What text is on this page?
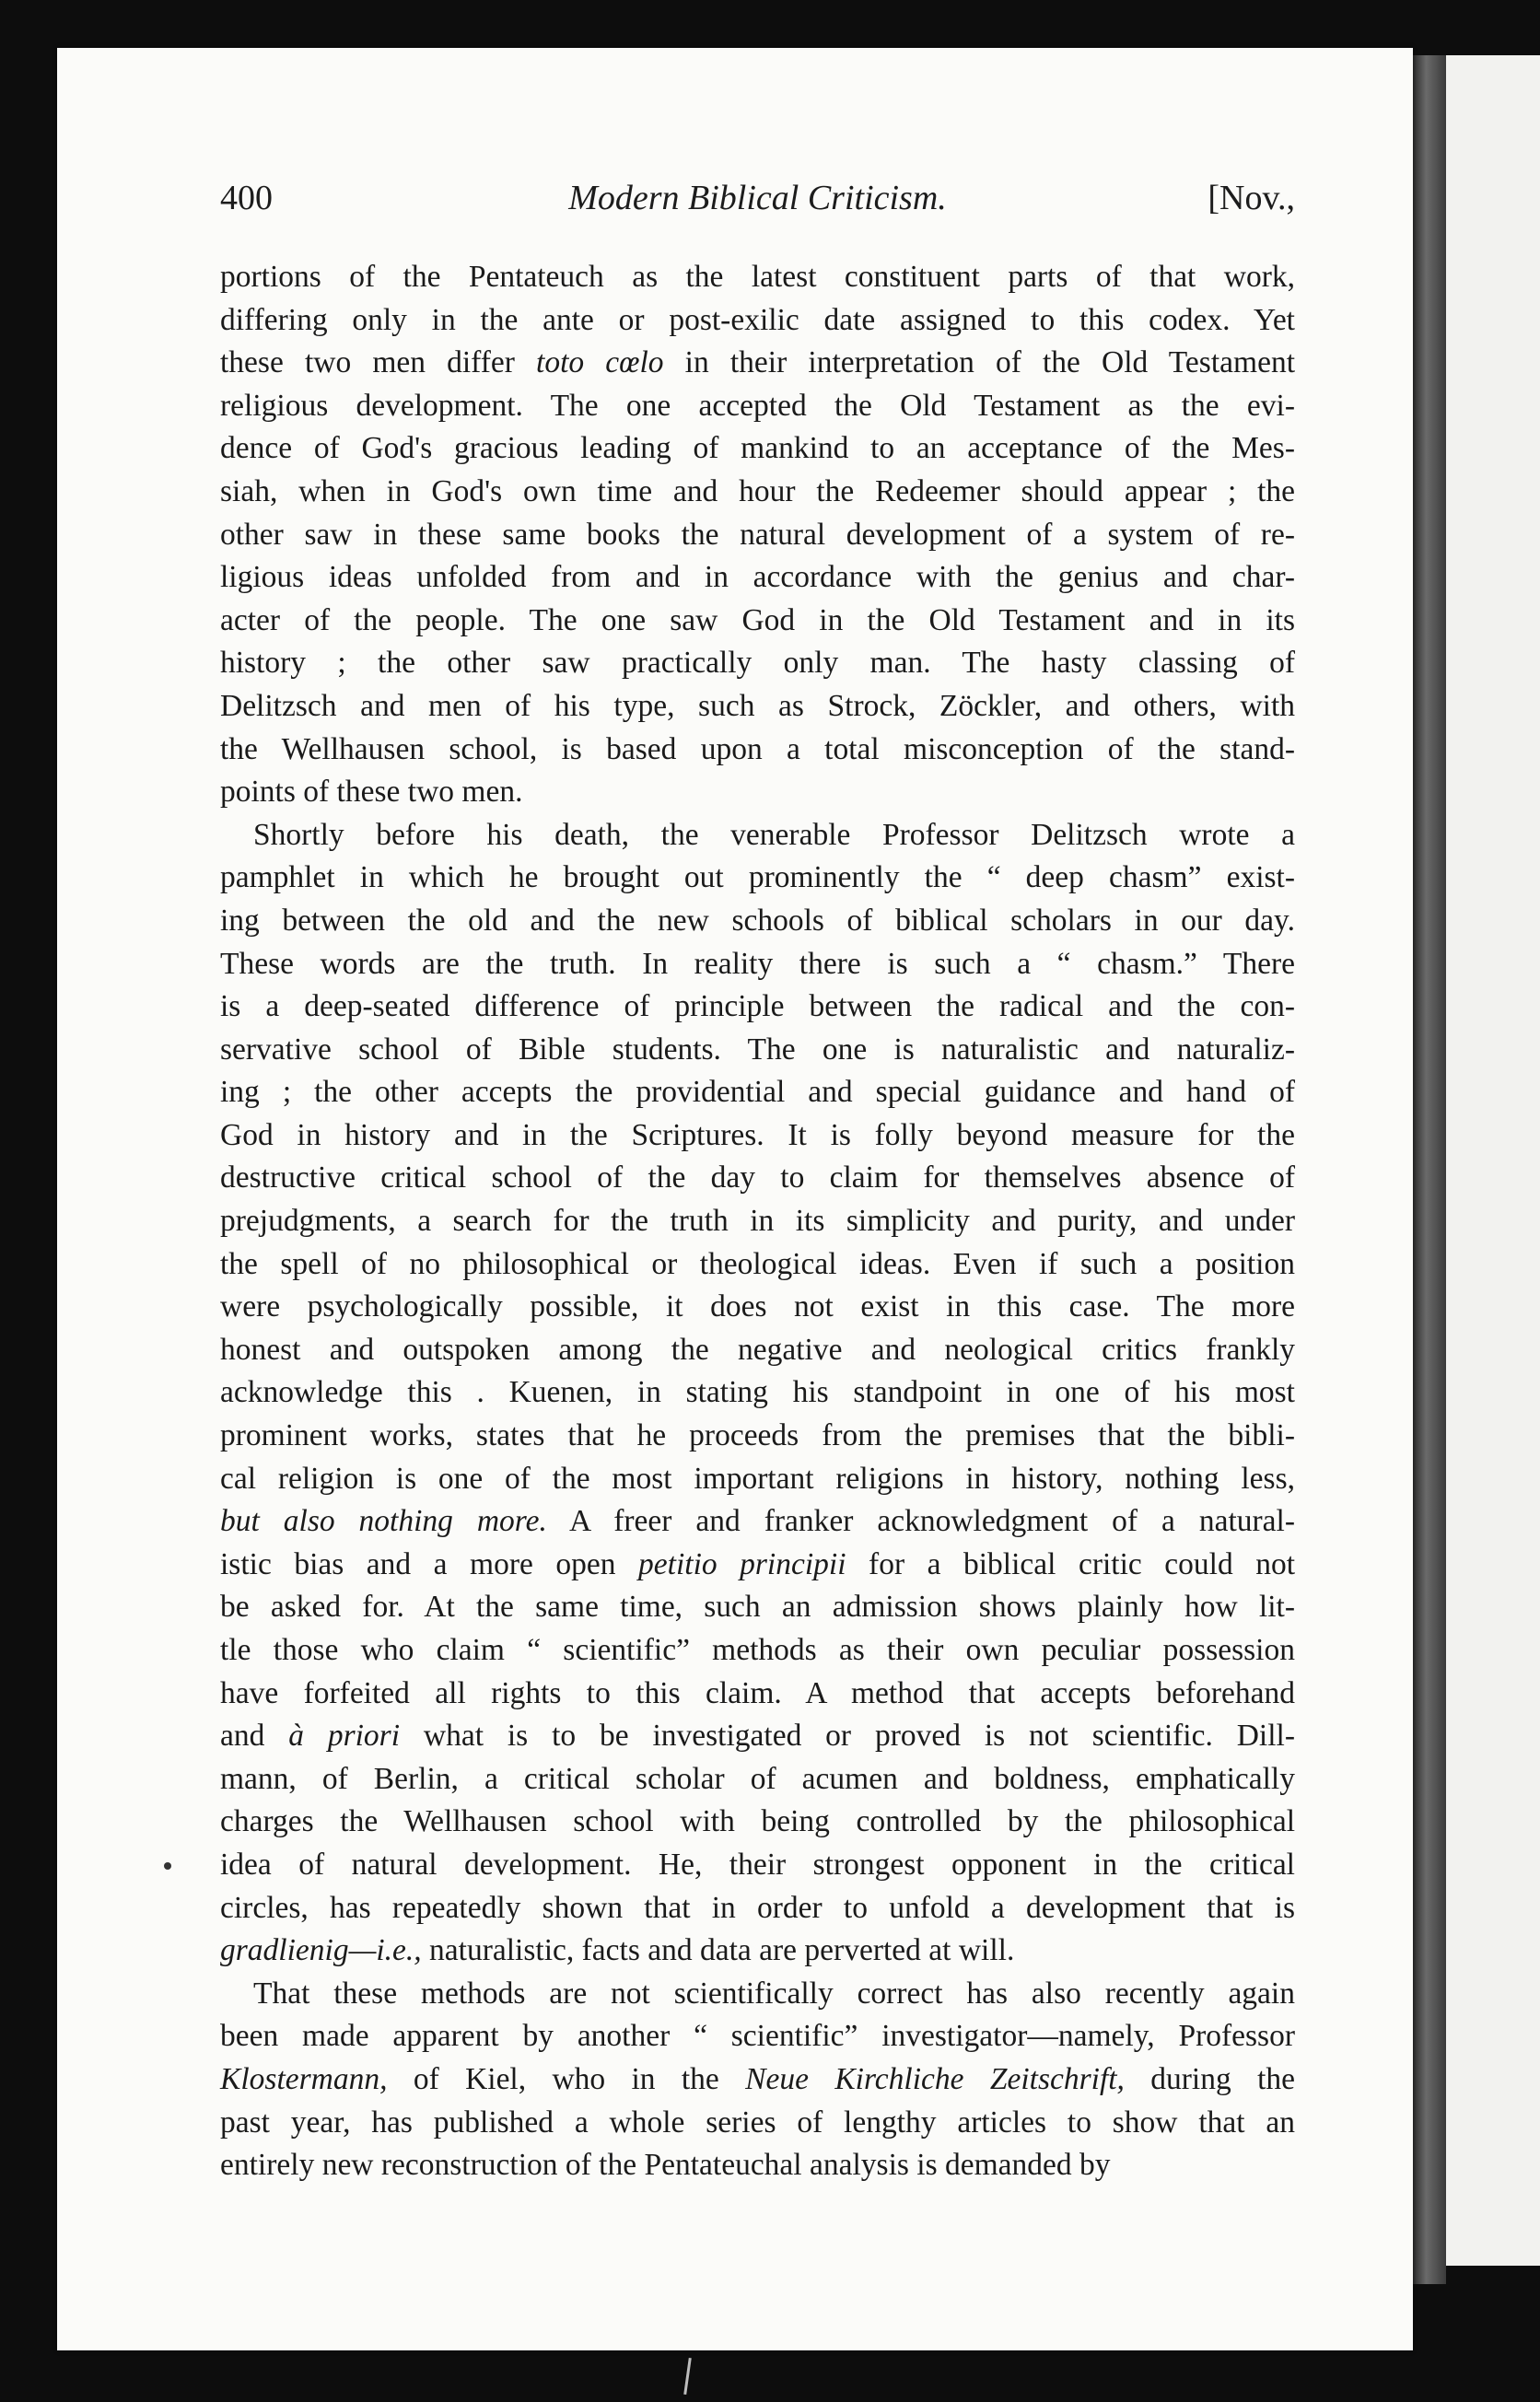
400	Modern Biblical Criticism.	[Nov.,
portions of the Pentateuch as the latest constituent parts of that work,
differing only in the ante or post-exilic date assigned to this codex. Yet
these two men differ toto cœlo in their interpretation of the Old Testament
religious development. The one accepted the Old Testament as the evi-
dence of God's gracious leading of mankind to an acceptance of the Mes-
siah, when in God's own time and hour the Redeemer should appear ; the
other saw in these same books the natural development of a system of re-
ligious ideas unfolded from and in accordance with the genius and char-
acter of the people. The one saw God in the Old Testament and in its
history ; the other saw practically only man. The hasty classing of
Delitzsch and men of his type, such as Strock, Zöckler, and others, with
the Wellhausen school, is based upon a total misconception of the stand-
points of these two men.
Shortly before his death, the venerable Professor Delitzsch wrote a
pamphlet in which he brought out prominently the “ deep chasm” exist-
ing between the old and the new schools of biblical scholars in our day.
These words are the truth. In reality there is such a “ chasm.” There
is a deep-seated difference of principle between the radical and the con-
servative school of Bible students. The one is naturalistic and naturaliz-
ing ; the other accepts the providential and special guidance and hand of
God in history and in the Scriptures. It is folly beyond measure for the
destructive critical school of the day to claim for themselves absence of
prejudgments, a search for the truth in its simplicity and purity, and under
the spell of no philosophical or theological ideas. Even if such a position
were psychologically possible, it does not exist in this case. The more
honest and outspoken among the negative and neological critics frankly
acknowledge this . Kuenen, in stating his standpoint in one of his most
prominent works, states that he proceeds from the premises that the bibli-
cal religion is one of the most important religions in history, nothing less,
but also nothing more. A freer and franker acknowledgment of a natural-
istic bias and a more open petitio principii for a biblical critic could not
be asked for. At the same time, such an admission shows plainly how lit-
tle those who claim “ scientific” methods as their own peculiar possession
have forfeited all rights to this claim. A method that accepts beforehand
and à priori what is to be investigated or proved is not scientific. Dill-
mann, of Berlin, a critical scholar of acumen and boldness, emphatically
charges the Wellhausen school with being controlled by the philosophical
idea of natural development. He, their strongest opponent in the critical
circles, has repeatedly shown that in order to unfold a development that is
gradlienig—i.e., naturalistic, facts and data are perverted at will.
That these methods are not scientifically correct has also recently again
been made apparent by another “ scientific” investigator—namely, Professor
Klostermann, of Kiel, who in the Neue Kirchliche Zeitschrift, during the
past year, has published a whole series of lengthy articles to show that an
entirely new reconstruction of the Pentateuchal analysis is demanded by
